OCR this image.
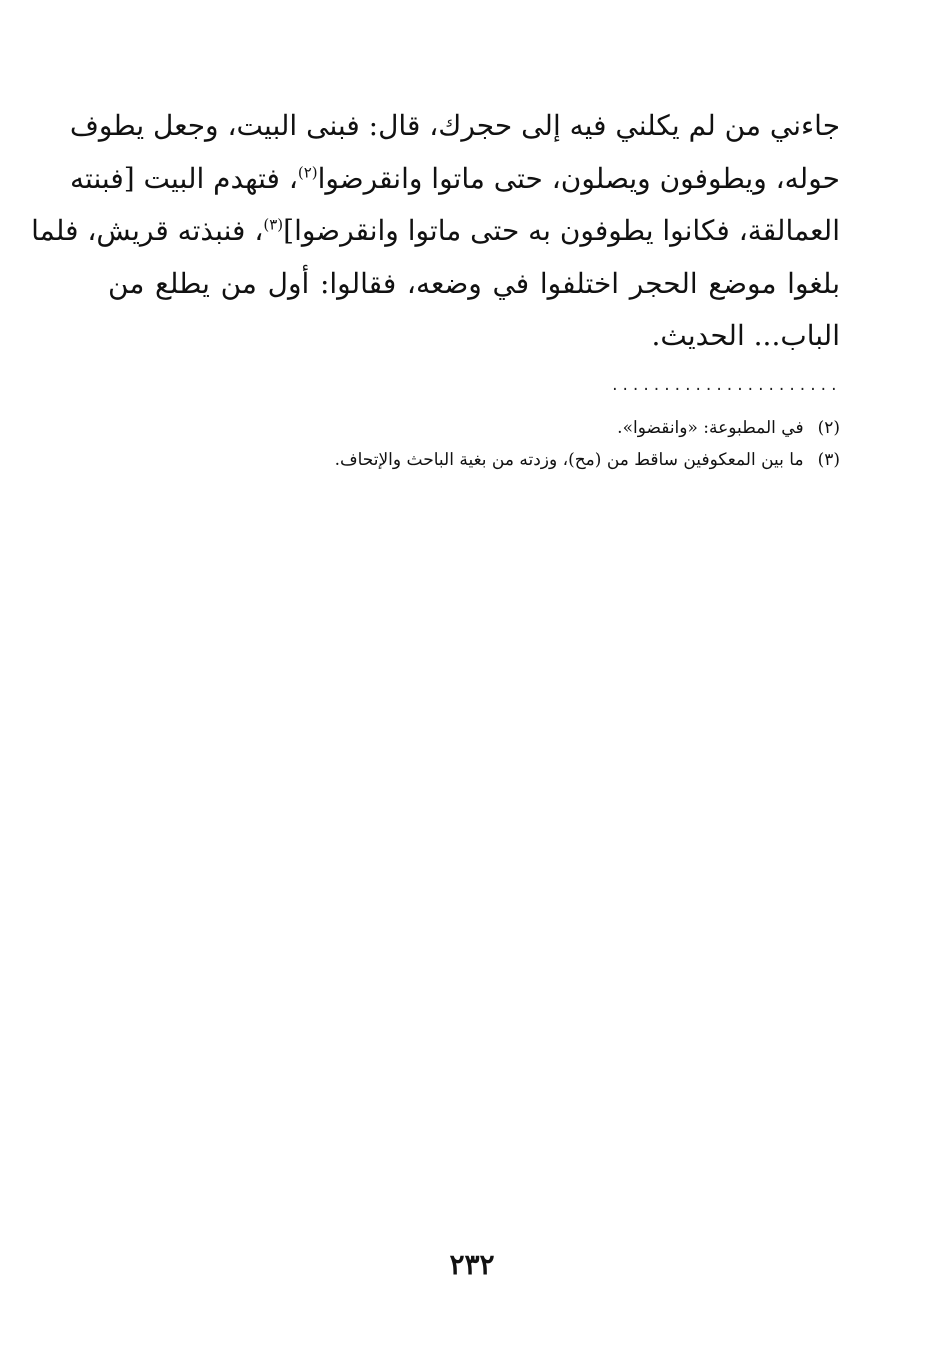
جاءني من لم يكلني فيه إلى حجرك، قال: فبنى البيت، وجعل يطوف
حوله، ويطوفون ويصلون، حتى ماتوا وانقرضوا$^{(٢)}$، فتهدم البيت [فبنته
العمالقة، فكانوا يطوفون به حتى ماتوا وانقرضوا]$^{(٣)}$، فنبذته قريش، فلما
بلغوا موضع الحجر اختلفوا في وضعه، فقالوا: أول من يطلع من
الباب... الحديث.
......................
(٢)في المطبوعة: «وانقضوا».
(٣)ما بين المعكوفين ساقط من (مح)، وزدته من بغية الباحث والإتحاف.
٢٣٢
